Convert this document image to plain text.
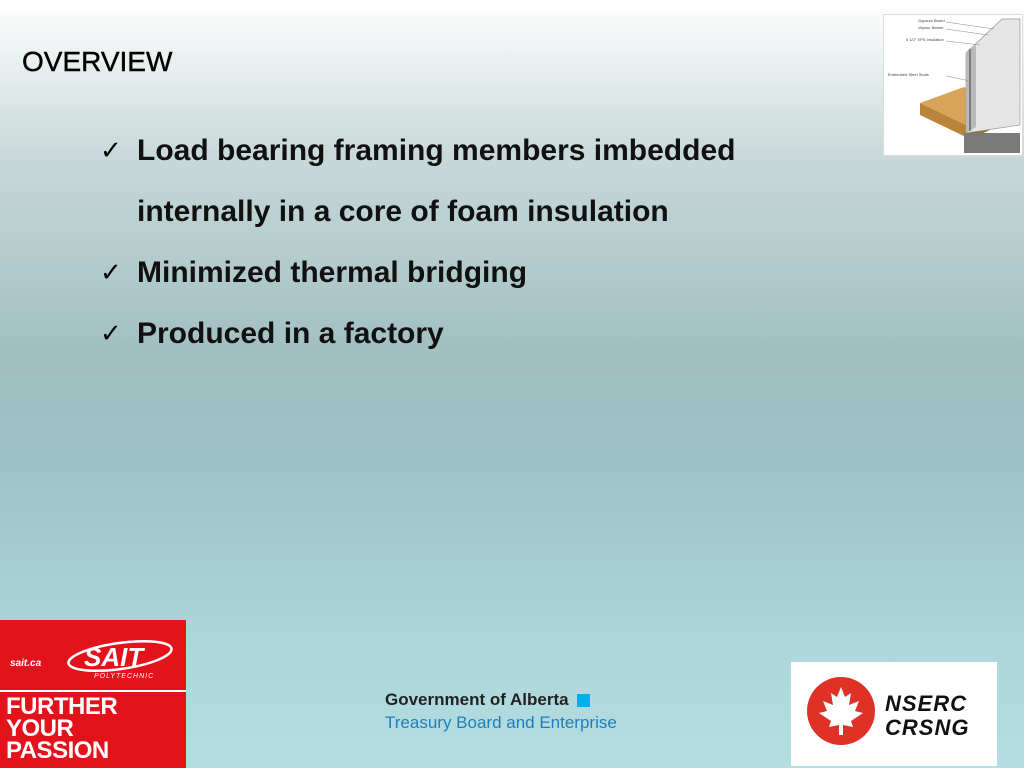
OVERVIEW
✓ Load bearing framing members imbedded internally in a core of foam insulation
✓ Minimized thermal bridging
✓ Produced in a factory
Gypsum Board
Vapour Barrier
5 1/2" XPS Insulation
Embedded Steel Studs
sait.ca SAIT
POLYTECHNIC
FURTHER
YOUR
PASSION
Government of Alberta
Treasury Board and Enterprise
NSERC
CRSNG
